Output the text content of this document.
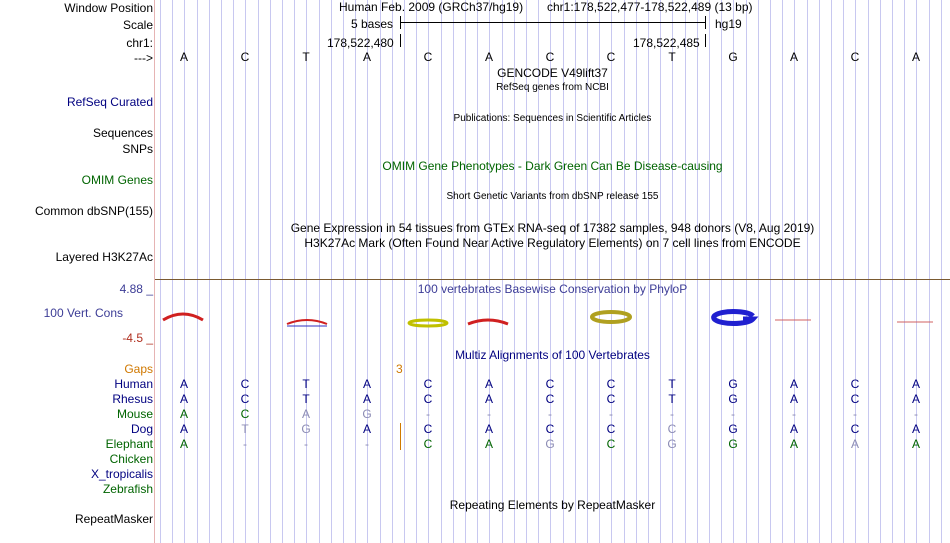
Window Position	Human Feb. 2009 (GRCh37/hg19) chr1:178,522,477-178,522,489 (13 bp)
Scale	5 bases	hg19
chr1:	178,522,480	178,522,485
--->	A	C	T	A	C	A	C	C	T	G	A	C	A
GENCODE V49lift37
RefSeq genes from NCBI
RefSeq Curated
Publications: Sequences in Scientific Articles
Sequences
SNPs
OMIM Gene Phenotypes - Dark Green Can Be Disease-causing
OMIM Genes
Short Genetic Variants from dbSNP release 155
Common dbSNP(155)
Gene Expression in 54 tissues from GTEx RNA-seq of 17382 samples, 948 donors (V8, Aug 2019)
H3K27Ac Mark (Often Found Near Active Regulatory Elements) on 7 cell lines from ENCODE
Layered H3K27Ac
4.88 _	100 vertebrates Basewise Conservation by PhyloP
100 Vert. Cons
-4.5 _
Multiz Alignments of 100 Vertebrates
Gaps	3
Human	A	C	T	A	C	A	C	C	T	G	A	C	A
Rhesus	A	C	T	A	C	A	C	C	T	G	A	C	A
Mouse	A	C	A	G	-	-	-	-	-	-	-	-	-
Dog	A	T	G	A	C	A	C	C	C	G	A	C	A
Elephant	A	-	-	-	C	A	G	C	G	G	A	A	A
Chicken
X_tropicalis
Zebrafish
Repeating Elements by RepeatMasker
RepeatMasker
